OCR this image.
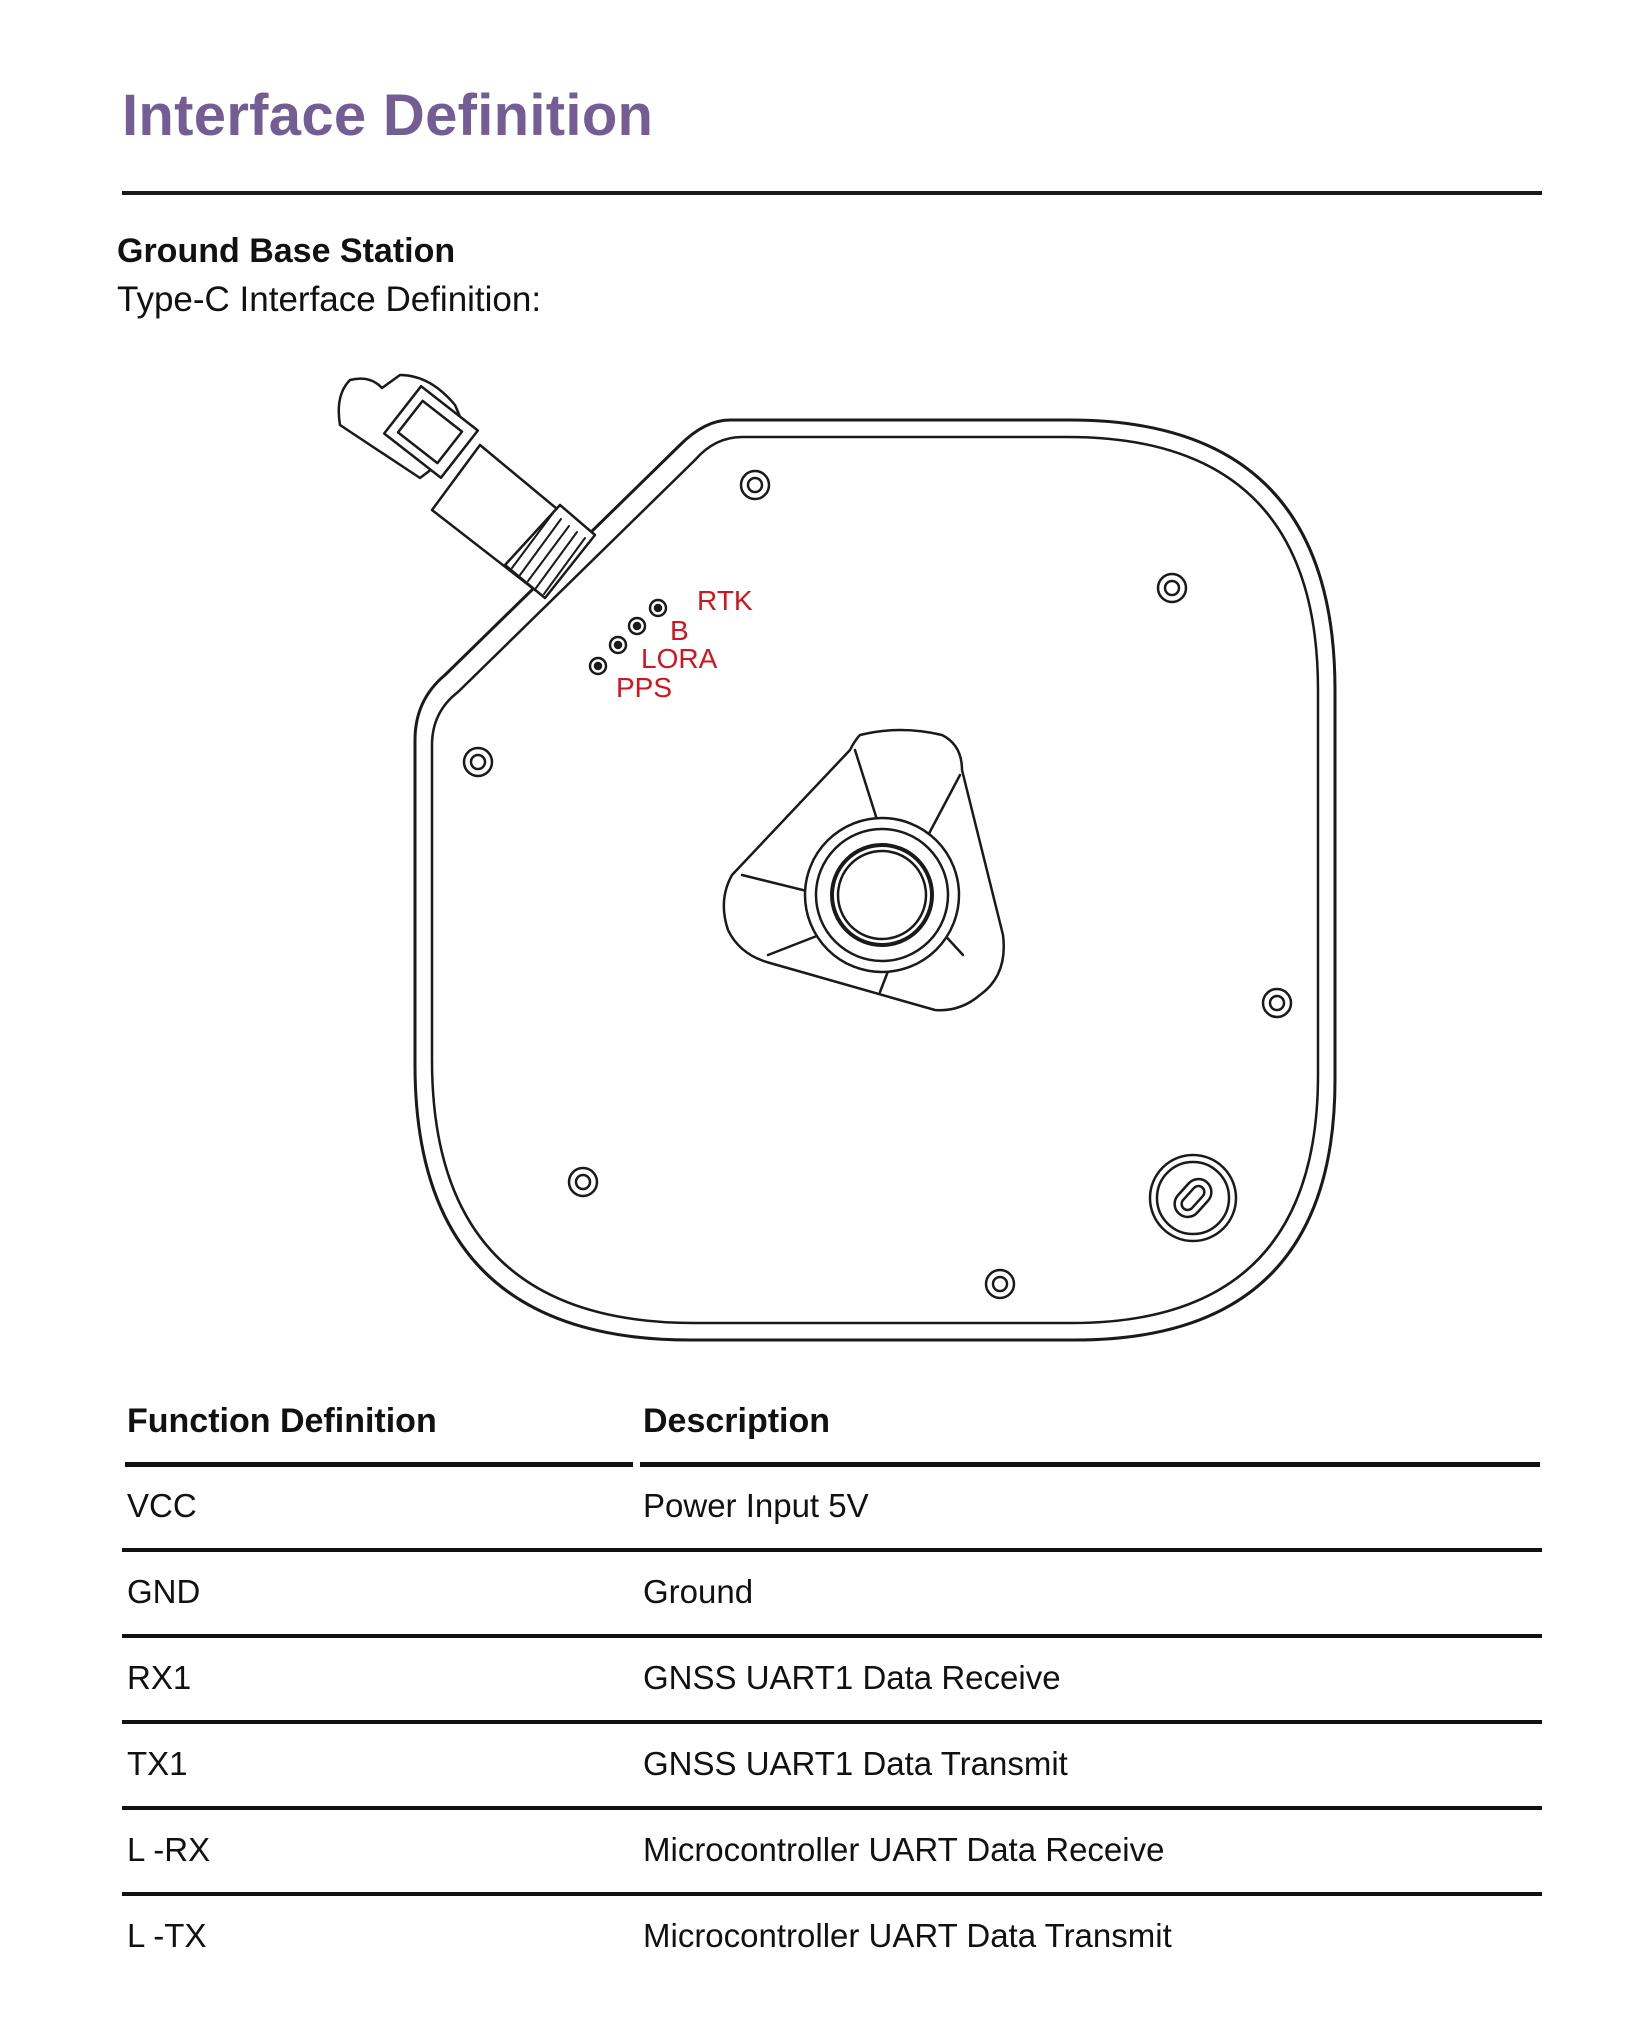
Interface Definition
Ground Base Station

Type-C Interface Definition:

RTK
B
LORA
PPS
Function Definition	Description

VCC	Power Input 5V

GND	Ground

RX1	GNSS UART1 Data Receive

TX1	GNSS UART1 Data Transmit

L -RX	Microcontroller UART Data Receive

L -TX	Microcontroller UART Data Transmit
